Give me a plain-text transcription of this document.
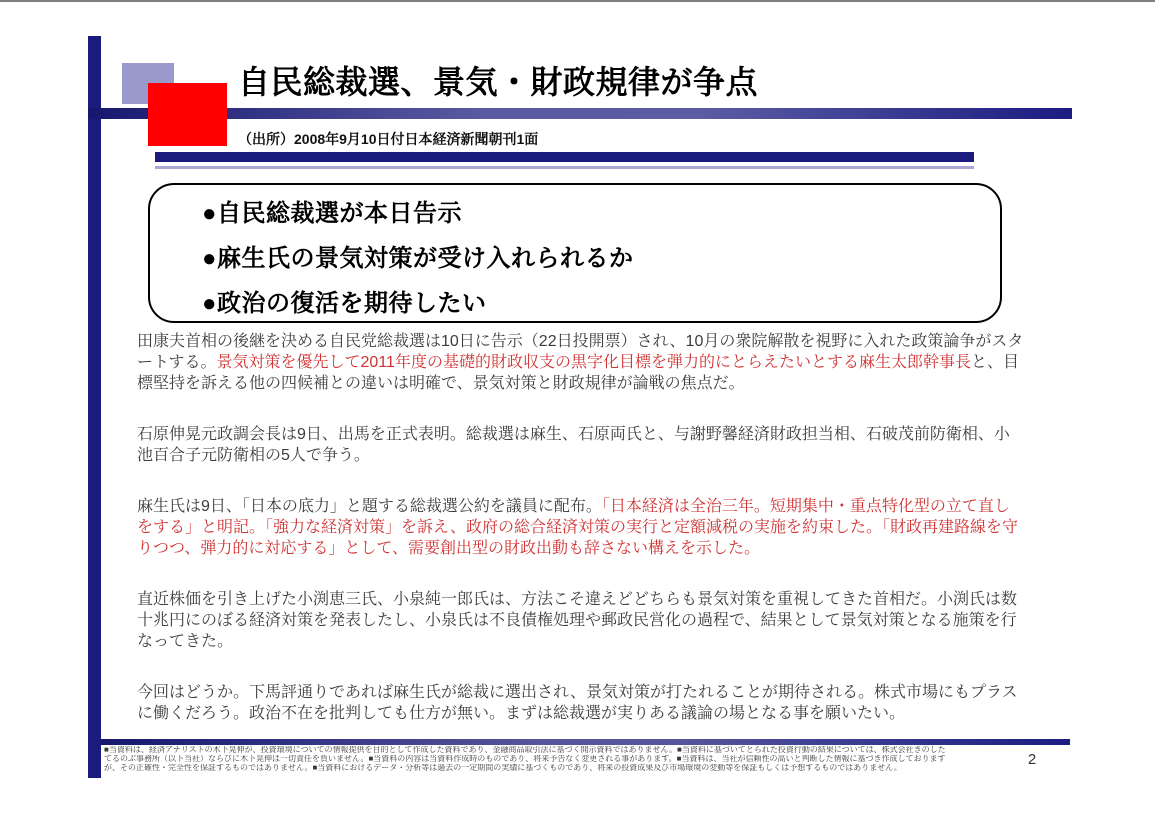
自民総裁選、景気・財政規律が争点
（出所）2008年9月10日付日本経済新聞朝刊1面
●自民総裁選が本日告示
●麻生氏の景気対策が受け入れられるか
●政治の復活を期待したい

田康夫首相の後継を決める自民党総裁選は10日に告示（22日投開票）され、10月の衆院解散を視野に入れた政策論争がスタートする。景気対策を優先して2011年度の基礎的財政収支の黒字化目標を弾力的にとらえたいとする麻生太郎幹事長と、目標堅持を訴える他の四候補との違いは明確で、景気対策と財政規律が論戦の焦点だ。

石原伸晃元政調会長は9日、出馬を正式表明。総裁選は麻生、石原両氏と、与謝野馨経済財政担当相、石破茂前防衛相、小池百合子元防衛相の5人で争う。

麻生氏は9日、「日本の底力」と題する総裁選公約を議員に配布。「日本経済は全治三年。短期集中・重点特化型の立て直しをする」と明記。「強力な経済対策」を訴え、政府の総合経済対策の実行と定額減税の実施を約束した。「財政再建路線を守りつつ、弾力的に対応する」として、需要創出型の財政出動も辞さない構えを示した。

直近株価を引き上げた小渕恵三氏、小泉純一郎氏は、方法こそ違えどどちらも景気対策を重視してきた首相だ。小渕氏は数十兆円にのぼる経済対策を発表したし、小泉氏は不良債権処理や郵政民営化の過程で、結果として景気対策となる施策を行なってきた。

今回はどうか。下馬評通りであれば麻生氏が総裁に選出され、景気対策が打たれることが期待される。株式市場にもプラスに働くだろう。政治不在を批判しても仕方が無い。まずは総裁選が実りある議論の場となる事を願いたい。

■当資料は、経済アナリストの木下晃伸が、投資環境についての情報提供を目的として作成した資料であり、金融商品取引法に基づく開示資料ではありません。■当資料に基づいてとられた投資行動の結果については、株式会社きのした
てるのぶ事務所（以下当社）ならびに木下晃伸は一切責任を負いません。■当資料の内容は当資料作成時のものであり、将来予告なく変更される事があります。■当資料は、当社が信頼性の高いと判断した情報に基づき作成しております
が、その正確性・完全性を保証するものではありません。■当資料におけるデータ・分析等は過去の一定期間の実績に基づくものであり、将来の投資成果及び市場環境の変動等を保証もしくは予想するものではありません。	2
